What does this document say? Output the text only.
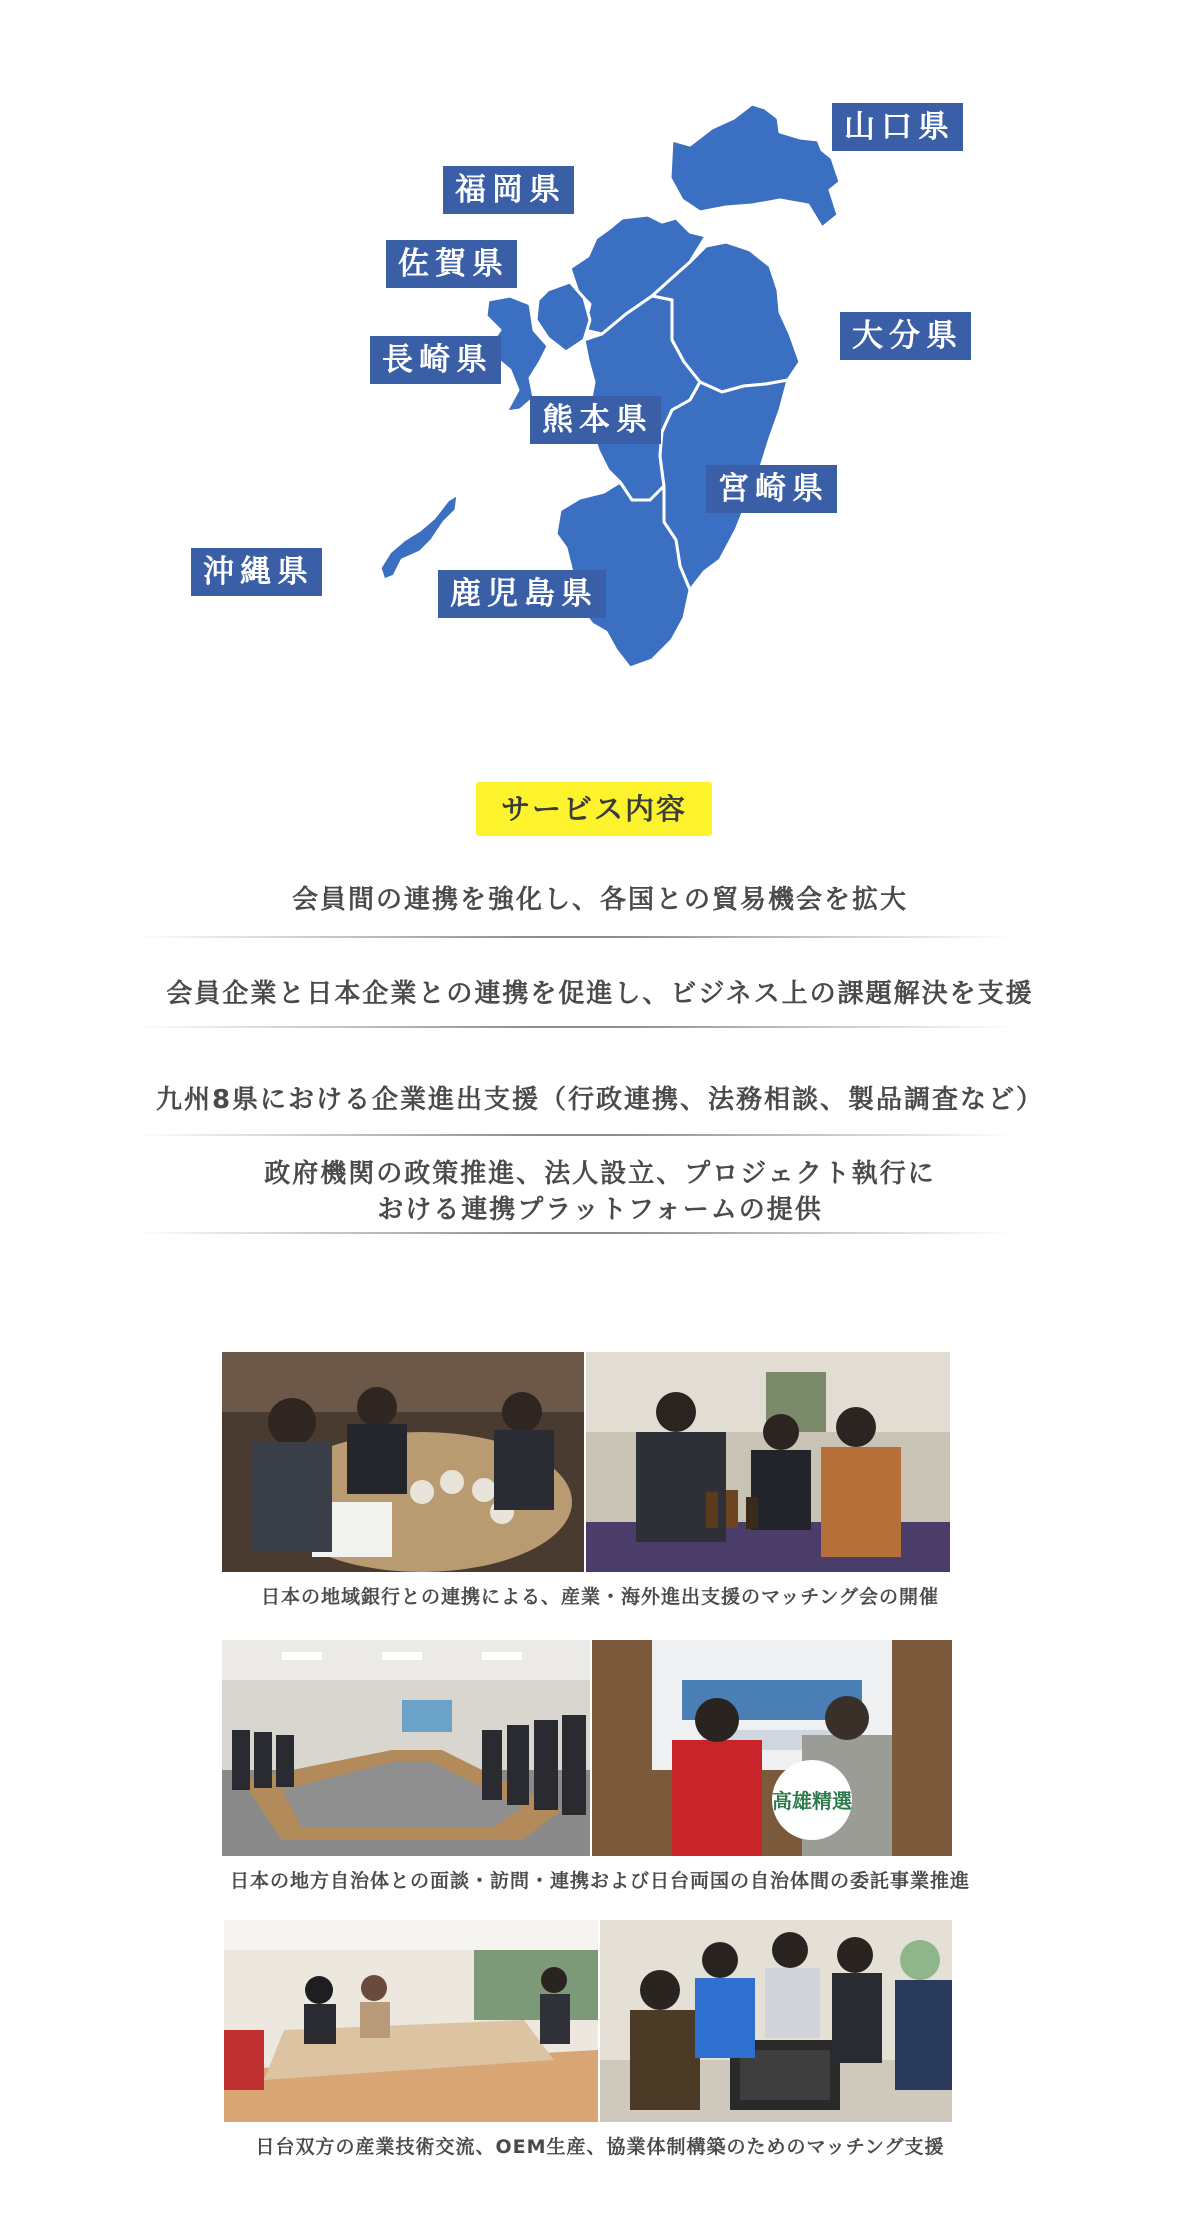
山口県
福岡県
佐賀県
長崎県
大分県
熊本県
宮崎県
沖縄県
鹿児島県
サービス内容
会員間の連携を強化し、各国との貿易機会を拡大
会員企業と日本企業との連携を促進し、ビジネス上の課題解決を支援
九州8県における企業進出支援（行政連携、法務相談、製品調査など）
政府機関の政策推進、法人設立、プロジェクト執行に
おける連携プラットフォームの提供
日本の地域銀行との連携による、産業・海外進出支援のマッチング会の開催
高雄精選
日本の地方自治体との面談・訪問・連携および日台両国の自治体間の委託事業推進
日台双方の産業技術交流、OEM生産、協業体制構築のためのマッチング支援
